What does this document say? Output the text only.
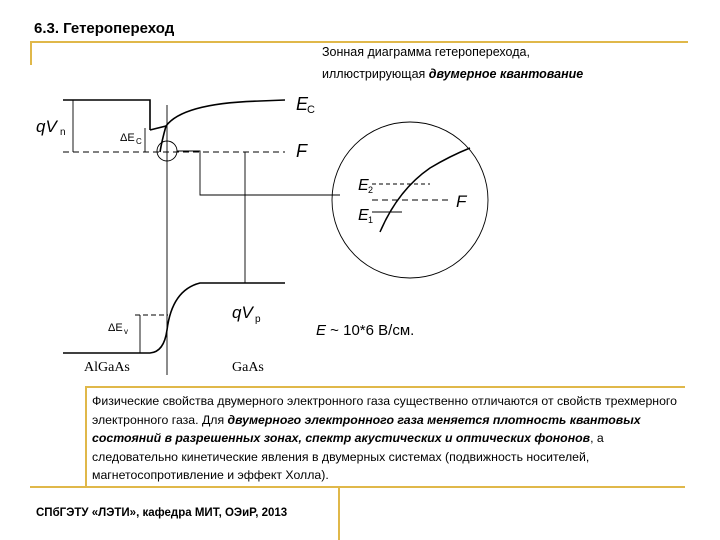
6.3. Гетеропереход
Зонная диаграмма гетероперехода,
иллюстрирующая двумерное квантование
E
C
F
qV n	ΔE C
ΔE v
qV p
E 2
E 1
F
E ~ 10*6 В/см.
AlGaAs	GaAs
Физические свойства двумерного электронного газа существенно отличаются от свойств трехмерного электронного газа. Для двумерного электронного газа меняется плотность квантовых состояний в разрешенных зонах, спектр акустических и оптических фононов, а следовательно кинетические явления в двумерных системах (подвижность носителей, магнетосопротивление и эффект Холла).
СПбГЭТУ «ЛЭТИ», кафедра МИТ, ОЭиР, 2013
